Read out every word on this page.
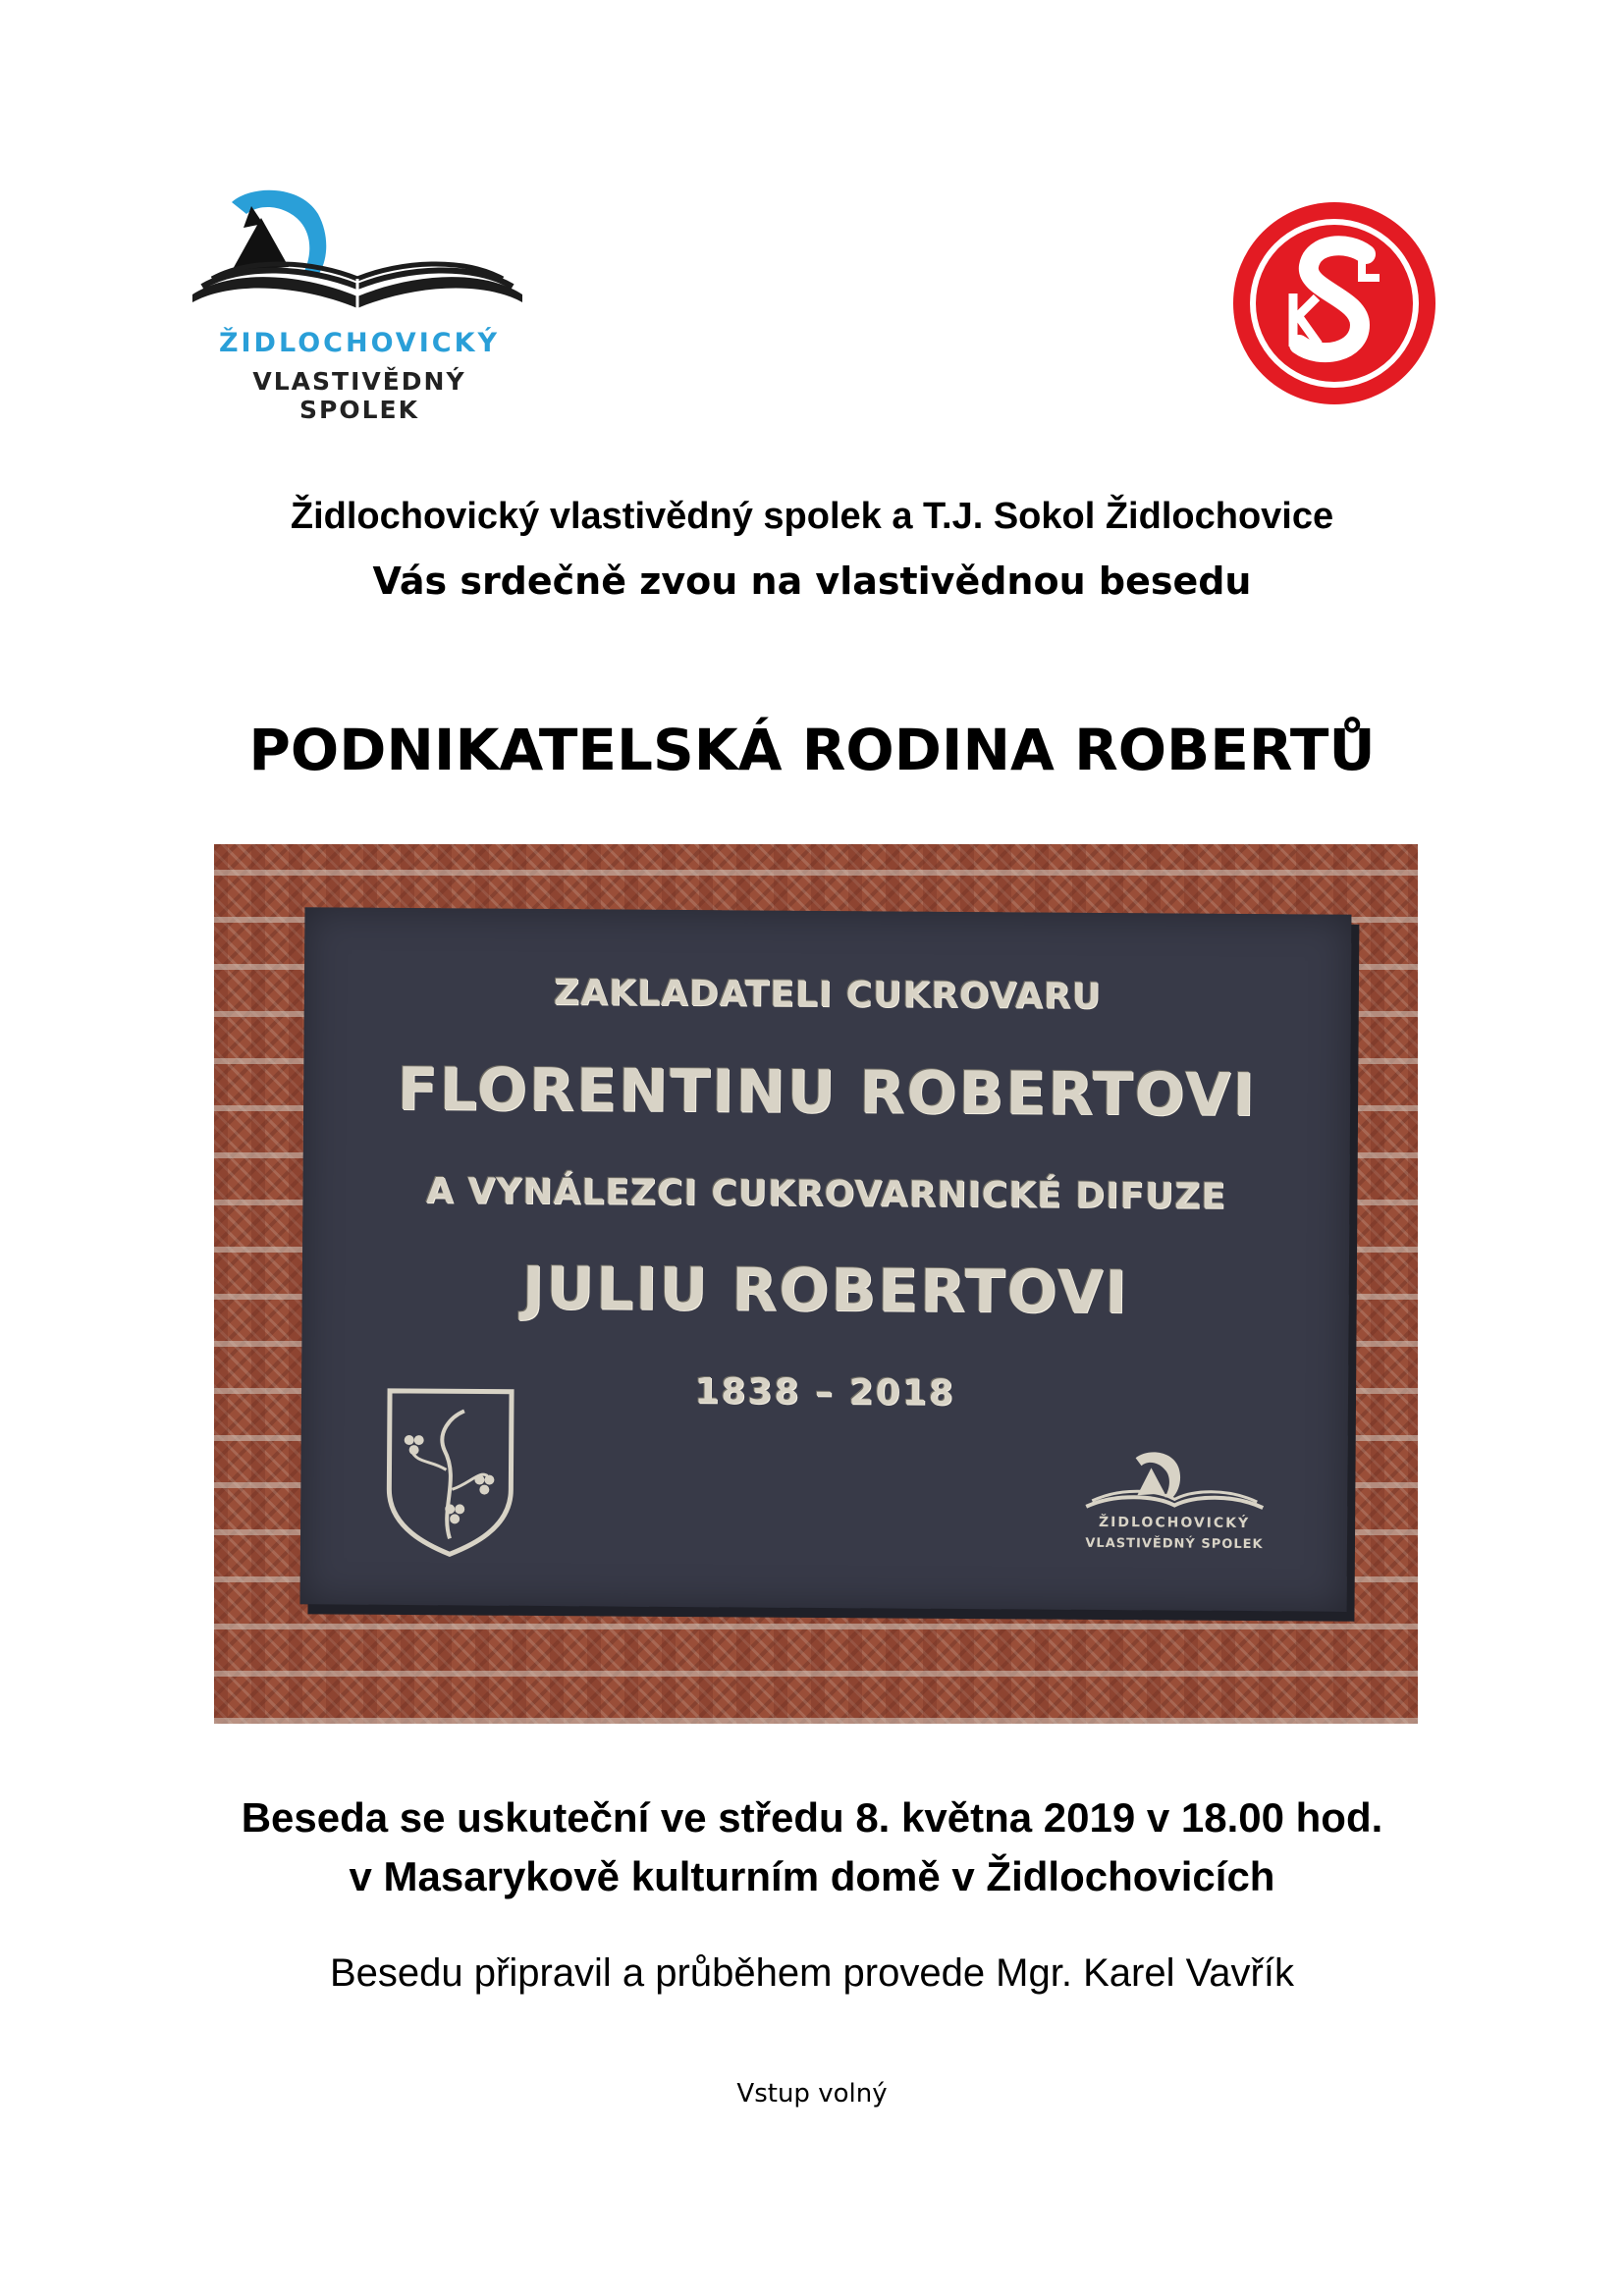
ŽIDLOCHOVICKÝ
VLASTIVĚDNÝ SPOLEK
Židlochovický vlastivědný spolek a T.J. Sokol Židlochovice
Vás srdečně zvou na vlastivědnou besedu
PODNIKATELSKÁ RODINA ROBERTŮ
ZAKLADATELI CUKROVARU
FLORENTINU ROBERTOVI
A VYNÁLEZCI CUKROVARNICKÉ DIFUZE
JULIU ROBERTOVI
1838 – 2018
ŽIDLOCHOVICKÝ
VLASTIVĚDNÝ SPOLEK
Beseda se uskuteční ve středu 8. května 2019 v 18.00 hod.
v Masarykově kulturním domě v Židlochovicích
Besedu připravil a průběhem provede Mgr. Karel Vavřík
Vstup volný
